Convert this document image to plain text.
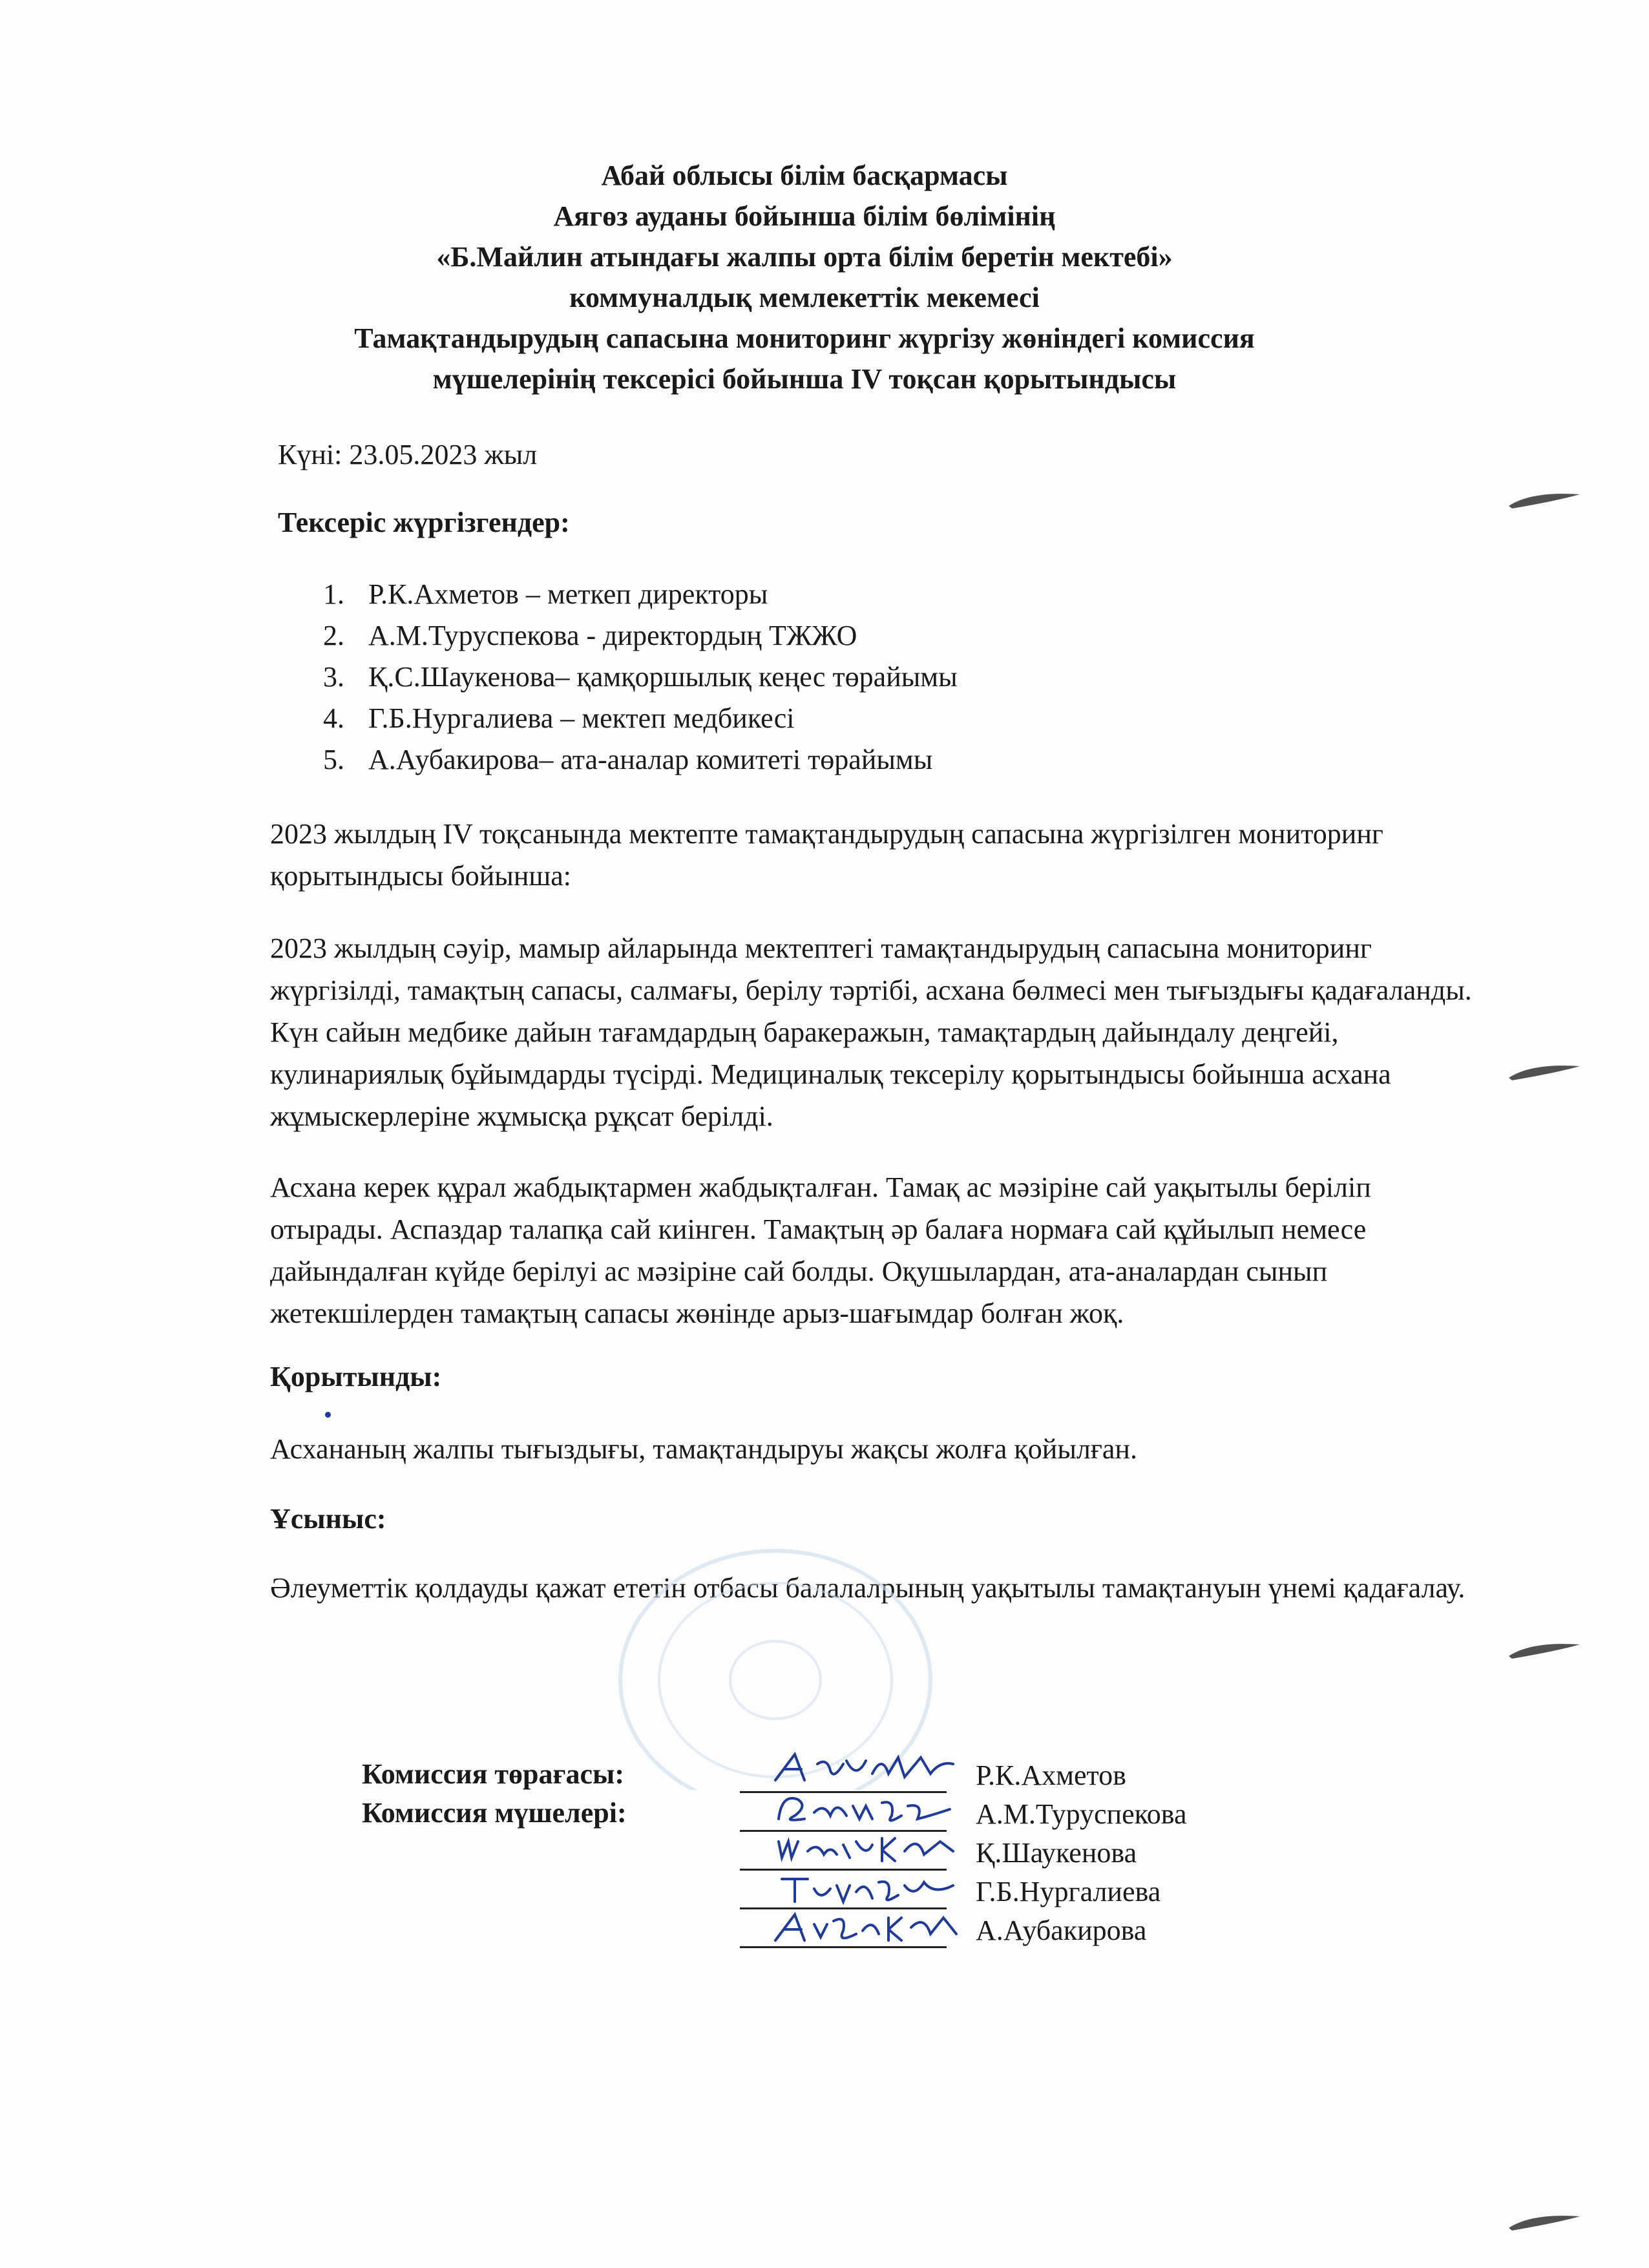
Абай облысы білім басқармасы
Аягөз ауданы бойынша білім бөлімінің
«Б.Майлин атындағы жалпы орта білім беретін мектебі»
коммуналдық мемлекеттік мекемесі
Тамақтандырудың сапасына мониторинг жүргізу жөніндегі комиссия
мүшелерінің тексерісі бойынша IV тоқсан қорытындысы
Күні: 23.05.2023 жыл
Тексеріс жүргізгендер:
1. Р.К.Ахметов – меткеп директоры
2. А.М.Туруспекова - директордың ТЖЖО
3. Қ.С.Шаукенова– қамқоршылық кеңес төрайымы
4. Г.Б.Нургалиева – мектеп медбикесі
5. А.Аубакирова– ата-аналар комитеті төрайымы

2023 жылдың IV тоқсанында мектепте тамақтандырудың сапасына жүргізілген мониторинг қорытындысы бойынша:

2023 жылдың сәуір, мамыр айларында мектептегі тамақтандырудың сапасына мониторинг жүргізілді, тамақтың сапасы, салмағы, берілу тәртібі, асхана бөлмесі мен тығыздығы қадағаланды. Күн сайын медбике дайын тағамдардың баракеражын, тамақтардың дайындалу деңгейі, кулинариялық бұйымдарды түсірді. Медициналық тексерілу қорытындысы бойынша асхана жұмыскерлеріне жұмысқа рұқсат берілді.

Асхана керек құрал жабдықтармен жабдықталған. Тамақ ас мәзіріне сай уақытылы беріліп отырады. Аспаздар талапқа сай киінген. Тамақтың әр балаға нормаға сай құйылып немесе дайындалған күйде берілуі ас мәзіріне сай болды. Оқушылардан, ата-аналардан сынып жетекшілерден тамақтың сапасы жөнінде арыз-шағымдар болған жоқ.

Қорытынды:

Асхананың жалпы тығыздығы, тамақтандыруы жақсы жолға қойылған.

Ұсыныс:

Әлеуметтік қолдауды қажат ететін отбасы балалалрының уақытылы тамақтануын үнемі қадағалау.

Комиссия төрағасы:
Комиссия мүшелері:
Р.К.Ахметов
А.М.Туруспекова
Қ.Шаукенова
Г.Б.Нургалиева
А.Аубакирова
